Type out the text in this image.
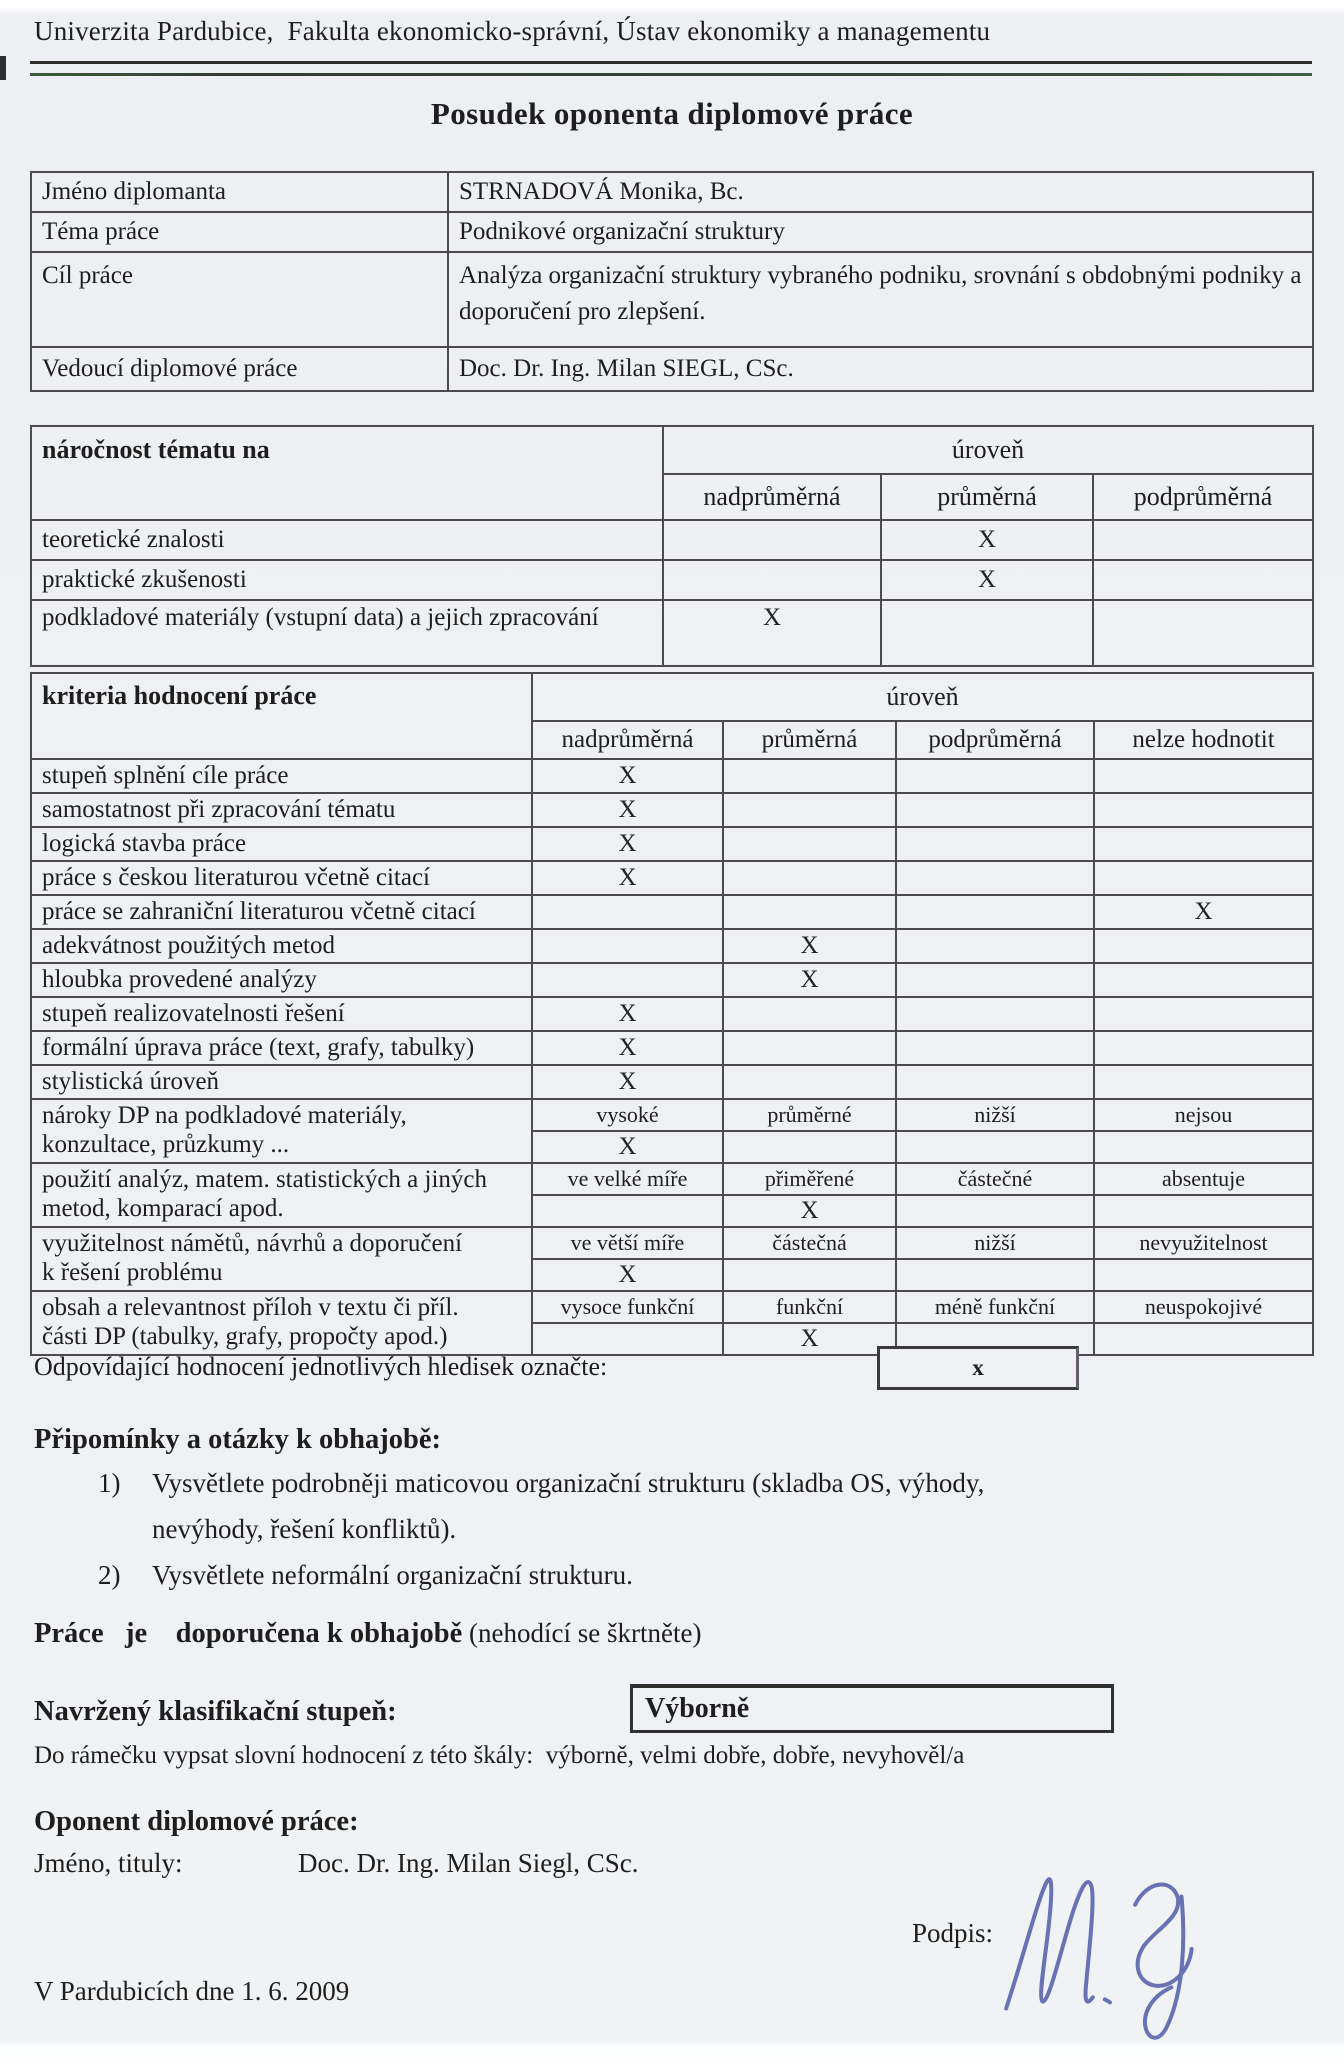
Univerzita Pardubice,  Fakulta ekonomicko-správní, Ústav ekonomiky a managementu
Posudek oponenta diplomové práce
Jméno diplomanta	STRNADOVÁ Monika, Bc.
Téma práce	Podnikové organizační struktury
Cíl práce	Analýza organizační struktury vybraného podniku, srovnání s obdobnými podniky a doporučení pro zlepšení.
Vedoucí diplomové práce	Doc. Dr. Ing. Milan SIEGL, CSc.
náročnost tématu na	úroveň		
	nadprůměrná	průměrná	podprůměrná
teoretické znalosti		X	
praktické zkušenosti		X	
podkladové materiály (vstupní data) a jejich zpracování	X		
kriteria hodnocení práce	úroveň			
	nadprůměrná	průměrná	podprůměrná	nelze hodnotit
stupeň splnění cíle práce	X			
samostatnost při zpracování tématu	X			
logická stavba práce	X			
práce s českou literaturou včetně citací	X			
práce se zahraniční literaturou včetně citací				X
adekvátnost použitých metod		X		
hloubka provedené analýzy		X		
stupeň realizovatelnosti řešení	X			
formální úprava práce (text, grafy, tabulky)	X			
stylistická úroveň	X			

nároky DP na podkladové materiály,
konzultace, průzkumy ...	vysoké	průměrné	nižší	nejsou
	X			

použití analýz, matem. statistických a jiných
metod, komparací apod.	ve velké míře	přiměřené	částečné	absentuje
		X		

využitelnost námětů, návrhů a doporučení
k řešení problému	ve větší míře	částečná	nižší	nevyužitelnost
	X			

obsah a relevantnost příloh v textu či příl.
části DP (tabulky, grafy, propočty apod.)	vysoce funkční	funkční	méně funkční	neuspokojivé
		X		
Odpovídající hodnocení jednotlivých hledisek označte:	x
Připomínky a otázky k obhajobě:
1) Vysvětlete podrobněji maticovou organizační strukturu (skladba OS, výhody,
nevýhody, řešení konfliktů).
2) Vysvětlete neformální organizační strukturu.
Práce   je    doporučena k obhajobě (nehodící se škrtněte)
Navržený klasifikační stupeň:	Výborně
Do rámečku vypsat slovní hodnocení z této škály:  výborně, velmi dobře, dobře, nevyhověl/a
Oponent diplomové práce:
Jméno, tituly:	Doc. Dr. Ing. Milan Siegl, CSc.
Podpis:
V Pardubicích dne 1. 6. 2009
